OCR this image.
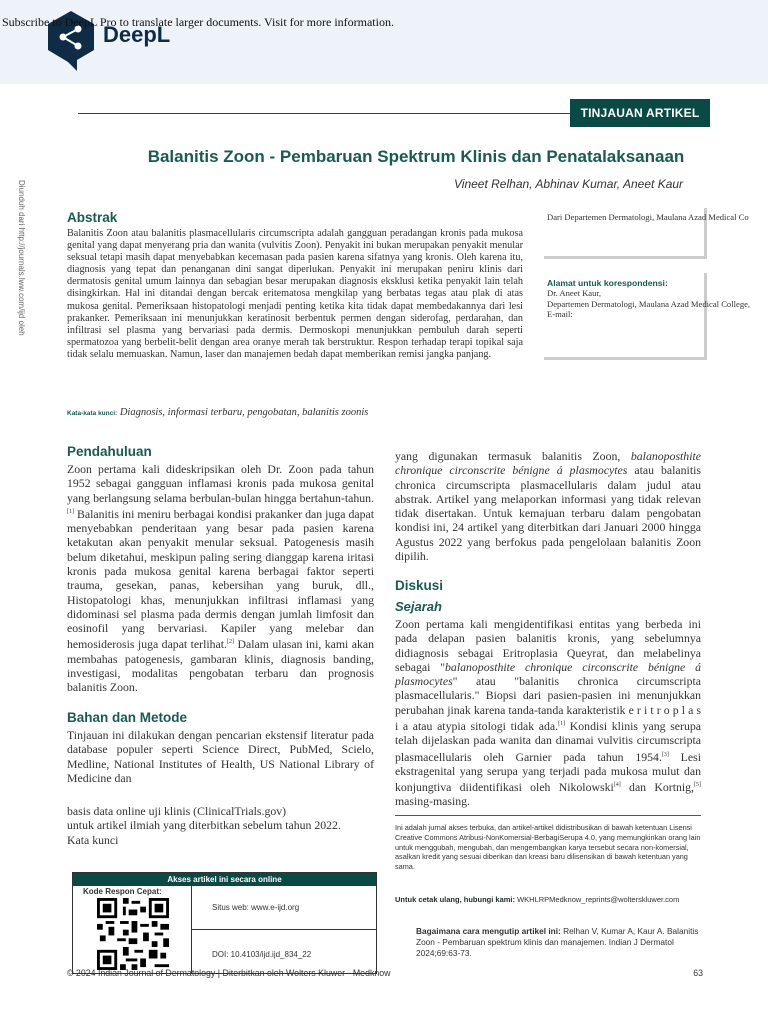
Subscribe to DeepL Pro to translate larger documents. Visit for more information.
DeepL
TINJAUAN ARTIKEL
Balanitis Zoon - Pembaruan Spektrum Klinis dan Penatalaksanaan
Vineet Relhan, Abhinav Kumar, Aneet Kaur
Diunduh dari http://journals.lww.com/ijd oleh	Abstrak
Balanitis Zoon atau balanitis plasmacellularis circumscripta adalah gangguan peradangan kronis pada mukosa genital yang dapat menyerang pria dan wanita (vulvitis Zoon). Penyakit ini bukan merupakan penyakit menular seksual tetapi masih dapat menyebabkan kecemasan pada pasien karena sifatnya yang kronis. Oleh karena itu, diagnosis yang tepat dan penanganan dini sangat diperlukan. Penyakit ini merupakan peniru klinis dari dermatosis genital umum lainnya dan sebagian besar merupakan diagnosis eksklusi ketika penyakit lain telah disingkirkan. Hal ini ditandai dengan bercak eritematosa mengkilap yang berbatas tegas atau plak di atas mukosa genital. Pemeriksaan histopatologi menjadi penting ketika kita tidak dapat membedakannya dari lesi prakanker. Pemeriksaan ini menunjukkan keratinosit berbentuk permen dengan siderofag, perdarahan, dan infiltrasi sel plasma yang bervariasi pada dermis. Dermoskopi menunjukkan pembuluh darah seperti spermatozoa yang berbelit-belit dengan area oranye merah tak berstruktur. Respon terhadap terapi topikal saja tidak selalu memuaskan. Namun, laser dan manajemen bedah dapat memberikan remisi jangka panjang.
Kata-kata kunci: Diagnosis, informasi terbaru, pengobatan, balanitis zoonis
Dari Departemen Dermatologi, Maulana Azad Medical Co
Alamat untuk korespondensi:
Dr. Aneet Kaur,
Departemen Dermatologi, Maulana Azad Medical College,
E-mail:
Pendahuluan
Zoon pertama kali dideskripsikan oleh Dr. Zoon pada tahun 1952 sebagai gangguan inflamasi kronis pada mukosa genital yang berlangsung selama berbulan-bulan hingga bertahun-tahun.[1] Balanitis ini meniru berbagai kondisi prakanker dan juga dapat menyebabkan penderitaan yang besar pada pasien karena ketakutan akan penyakit menular seksual. Patogenesis masih belum diketahui, meskipun paling sering dianggap karena iritasi kronis pada mukosa genital karena berbagai faktor seperti trauma, gesekan, panas, kebersihan yang buruk, dll., Histopatologi khas, menunjukkan infiltrasi inflamasi yang didominasi sel plasma pada dermis dengan jumlah limfosit dan eosinofil yang bervariasi. Kapiler yang melebar dan hemosiderosis juga dapat terlihat.[2] Dalam ulasan ini, kami akan membahas patogenesis, gambaran klinis, diagnosis banding, investigasi, modalitas pengobatan terbaru dan prognosis balanitis Zoon.
Bahan dan Metode
Tinjauan ini dilakukan dengan pencarian ekstensif literatur pada database populer seperti Science Direct, PubMed, Scielo, Medline, National Institutes of Health, US National Library of Medicine dan
basis data online uji klinis (ClinicalTrials.gov)
untuk artikel ilmiah yang diterbitkan sebelum tahun 2022.
Kata kunci
Akses artikel ini secara online
Kode Respon Cepat:
Situs web: www.e-ijd.org
DOI: 10.4103/ijd.ijd_834_22
yang digunakan termasuk balanitis Zoon, balanoposthite chronique circonscrite bénigne á plasmocytes atau balanitis chronica circumscripta plasmacellularis dalam judul atau abstrak. Artikel yang melaporkan informasi yang tidak relevan tidak disertakan. Untuk kemajuan terbaru dalam pengobatan kondisi ini, 24 artikel yang diterbitkan dari Januari 2000 hingga Agustus 2022 yang berfokus pada pengelolaan balanitis Zoon dipilih.
Diskusi
Sejarah
Zoon pertama kali mengidentifikasi entitas yang berbeda ini pada delapan pasien balanitis kronis, yang sebelumnya didiagnosis sebagai Eritroplasia Queyrat, dan melabelinya sebagai "balanoposthite chronique circonscrite bénigne á plasmocytes" atau "balanitis chronica circumscripta plasmacellularis." Biopsi dari pasien-pasien ini menunjukkan perubahan jinak karena tanda-tanda karakteristik e r i t r o p l a s i a atau atypia sitologi tidak ada.[1] Kondisi klinis yang serupa telah dijelaskan pada wanita dan dinamai vulvitis circumscripta plasmacellularis oleh Garnier pada tahun 1954.[3] Lesi ekstragenital yang serupa yang terjadi pada mukosa mulut dan konjungtiva diidentifikasi oleh Nikolowski[4] dan Kortnig,[5] masing-masing.
Ini adalah jurnal akses terbuka, dan artikel-artikel didistribusikan di bawah ketentuan Lisensi Creative Commons Atribusi-NonKomersial-BerbagiSerupa 4.0, yang memungkinkan orang lain untuk menggubah, mengubah, dan mengembangkan karya tersebut secara non-komersial, asalkan kredit yang sesuai diberikan dan kreasi baru dilisensikan di bawah ketentuan yang sama.
Untuk cetak ulang, hubungi kami: WKHLRPMedknow_reprints@wolterskluwer.com
Bagaimana cara mengutip artikel ini: Relhan V, Kumar A, Kaur A. Balanitis Zoon - Pembaruan spektrum klinis dan manajemen. Indian J Dermatol 2024;69:63-73.
© 2024 Indian Journal of Dermatology | Diterbitkan oleh Wolters Kluwer - Medknow	63
